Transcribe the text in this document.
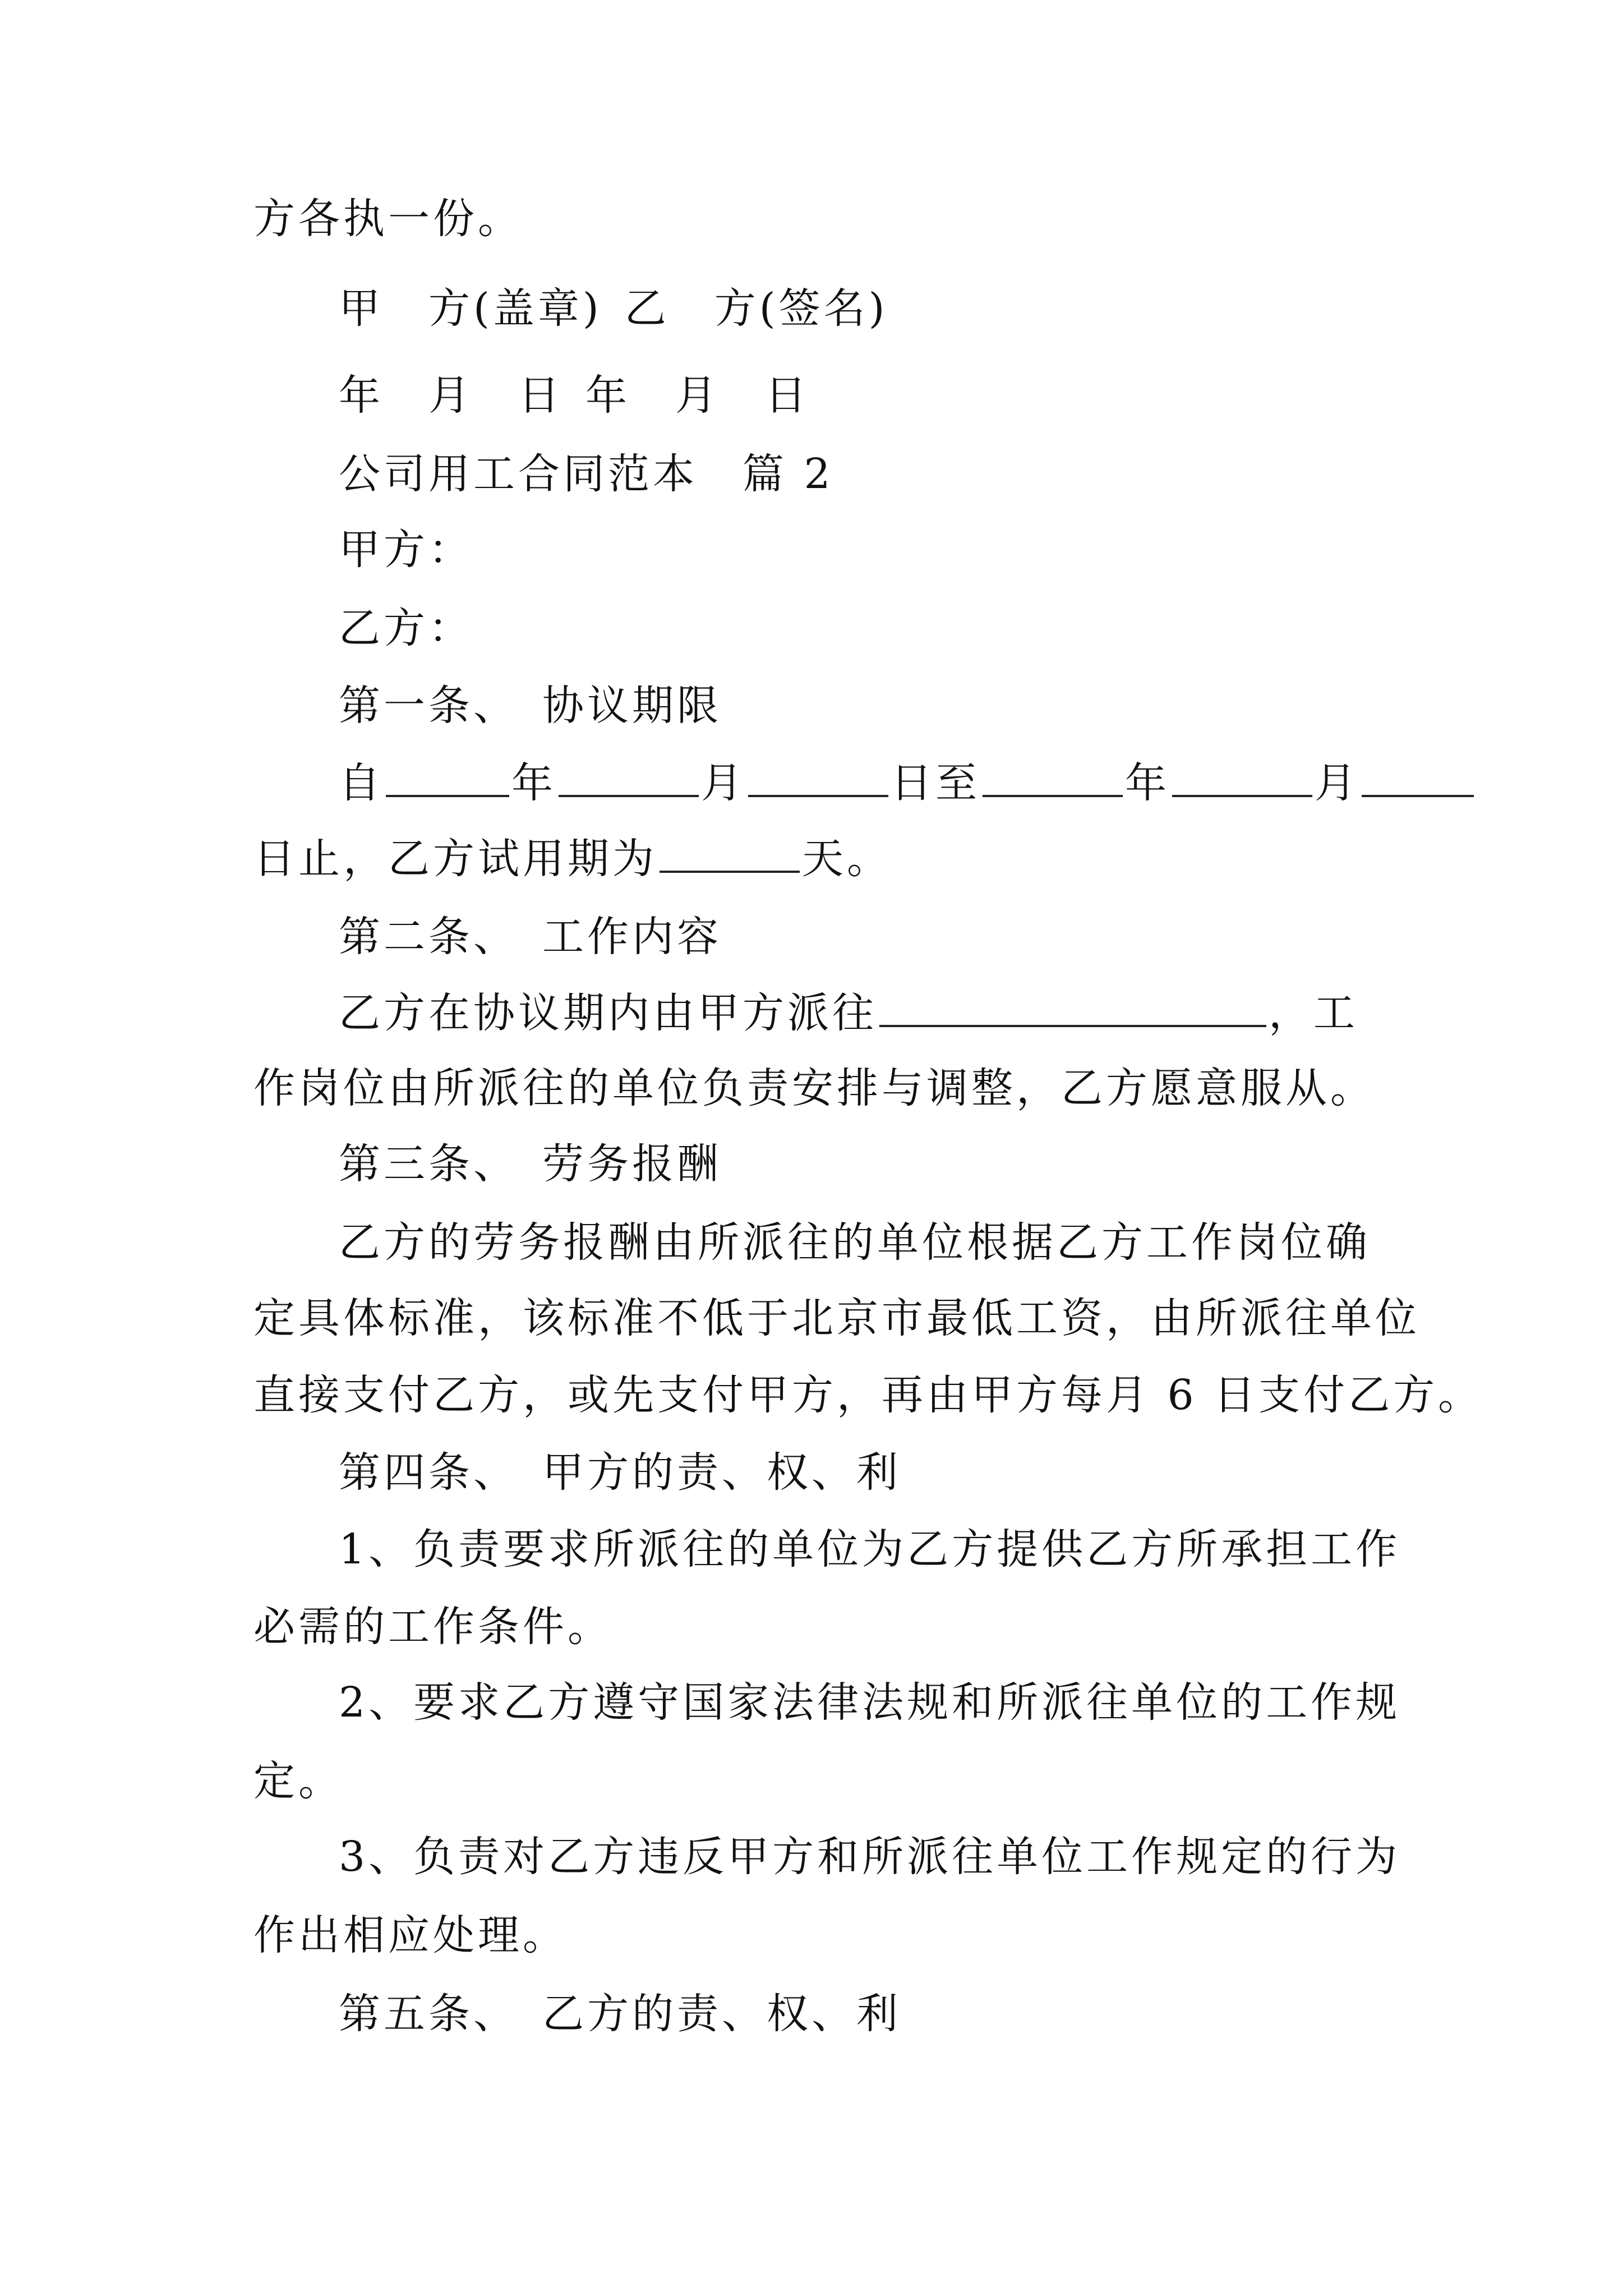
方各执一份。
甲　方(盖章) 乙　方(签名)
年　月　日 年　月　日
公司用工合同范本　篇 2
甲方：
乙方：
第一条、　协议期限
自	年	月	日至	年	月
日止，乙方试用期为	天。
第二条、　工作内容
乙方在协议期内由甲方派往	，工
作岗位由所派往的单位负责安排与调整，乙方愿意服从。
第三条、　劳务报酬
乙方的劳务报酬由所派往的单位根据乙方工作岗位确
定具体标准，该标准不低于北京市最低工资，由所派往单位
直接支付乙方，或先支付甲方，再由甲方每月 6 日支付乙方。
第四条、　甲方的责、权、利
1、负责要求所派往的单位为乙方提供乙方所承担工作
必需的工作条件。
2、要求乙方遵守国家法律法规和所派往单位的工作规
定。
3、负责对乙方违反甲方和所派往单位工作规定的行为
作出相应处理。
第五条、　乙方的责、权、利
